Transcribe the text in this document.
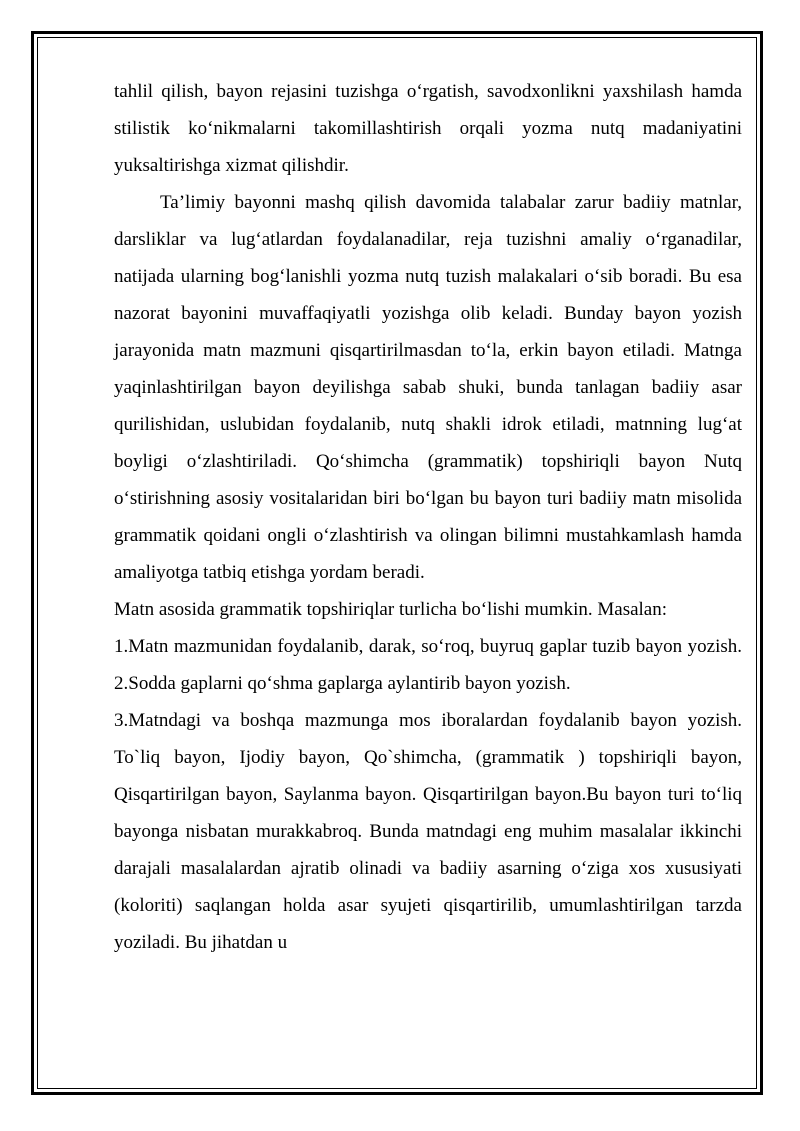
tahlil qilish, bayon rejasini tuzishga o‘rgatish, savodxonlikni yaxshilash hamda stilistik ko‘nikmalarni takomillashtirish orqali yozma nutq madaniyatini yuksaltirishga xizmat qilishdir.

Ta’limiy bayonni mashq qilish davomida talabalar zarur badiiy matnlar, darsliklar va lug‘atlardan foydalanadilar, reja tuzishni amaliy o‘rganadilar, natijada ularning bog‘lanishli yozma nutq tuzish malakalari o‘sib boradi. Bu esa nazorat bayonini muvaffaqiyatli yozishga olib keladi. Bunday bayon yozish jarayonida matn mazmuni qisqartirilmasdan to‘la, erkin bayon etiladi. Matnga yaqinlashtirilgan bayon deyilishga sabab shuki, bunda tanlagan badiiy asar qurilishidan, uslubidan foydalanib, nutq shakli idrok etiladi, matnning lug‘at boyligi o‘zlashtiriladi. Qo‘shimcha (grammatik) topshiriqli bayon Nutq o‘stirishning asosiy vositalaridan biri bo‘lgan bu bayon turi badiiy matn misolida grammatik qoidani ongli o‘zlashtirish va olingan bilimni mustahkamlash hamda amaliyotga tatbiq etishga yordam beradi.

Matn asosida grammatik topshiriqlar turlicha bo‘lishi mumkin. Masalan:

1.Matn mazmunidan foydalanib, darak, so‘roq, buyruq gaplar tuzib bayon yozish. 2.Sodda gaplarni qo‘shma gaplarga aylantirib bayon yozish.

3.Matndagi va boshqa mazmunga mos iboralardan foydalanib bayon yozish. To`liq bayon, Ijodiy bayon, Qo`shimcha, (grammatik ) topshiriqli bayon, Qisqartirilgan bayon, Saylanma bayon. Qisqartirilgan bayon.Bu bayon turi to‘liq bayonga nisbatan murakkabroq. Bunda matndagi eng muhim masalalar ikkinchi darajali masalalardan ajratib olinadi va badiiy asarning o‘ziga xos xususiyati (koloriti) saqlangan holda asar syujeti qisqartirilib, umumlashtirilgan tarzda yoziladi. Bu jihatdan u
